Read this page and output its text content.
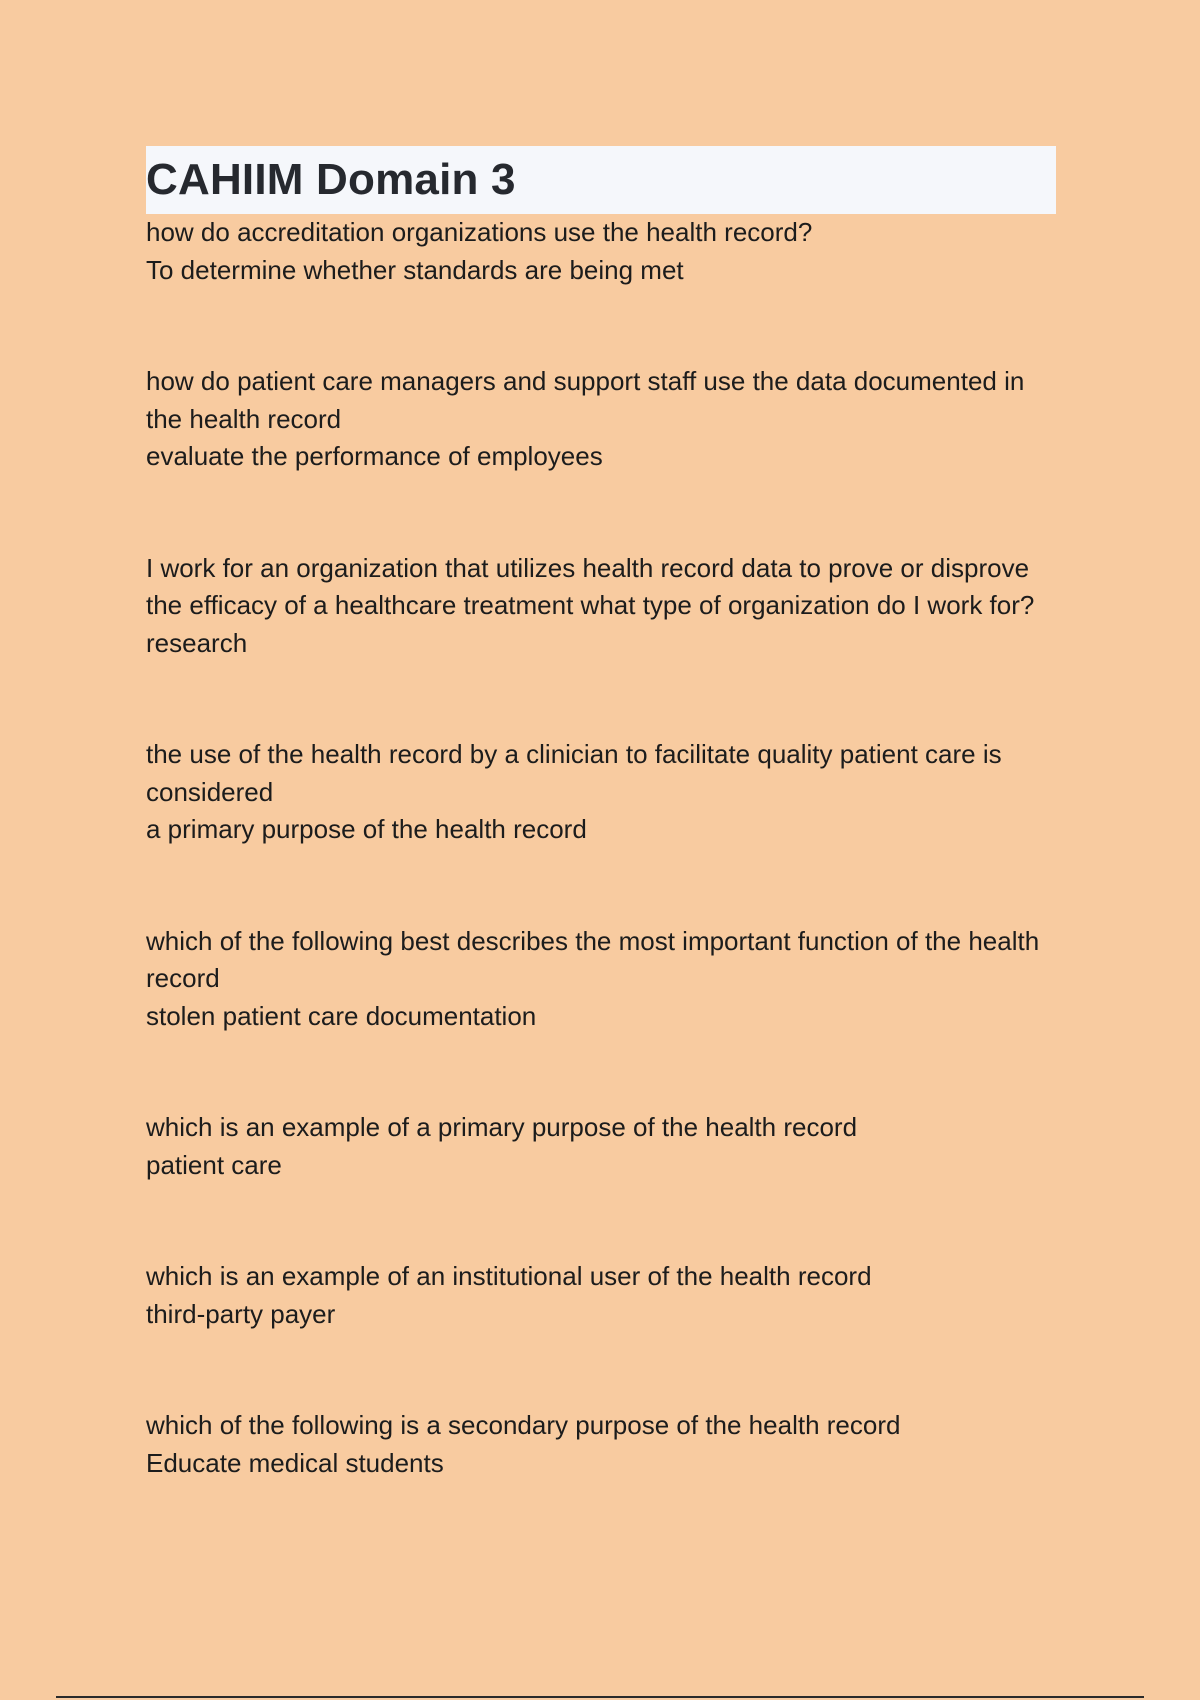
CAHIIM Domain 3
how do accreditation organizations use the health record?
To determine whether standards are being met
how do patient care managers and support staff use the data documented in the health record
evaluate the performance of employees
I work for an organization that utilizes health record data to prove or disprove the efficacy of a healthcare treatment what type of organization do I work for?
research
the use of the health record by a clinician to facilitate quality patient care is considered
a primary purpose of the health record
which of the following best describes the most important function of the health record
stolen patient care documentation
which is an example of a primary purpose of the health record
patient care
which is an example of an institutional user of the health record
third-party payer
which of the following is a secondary purpose of the health record
Educate medical students
